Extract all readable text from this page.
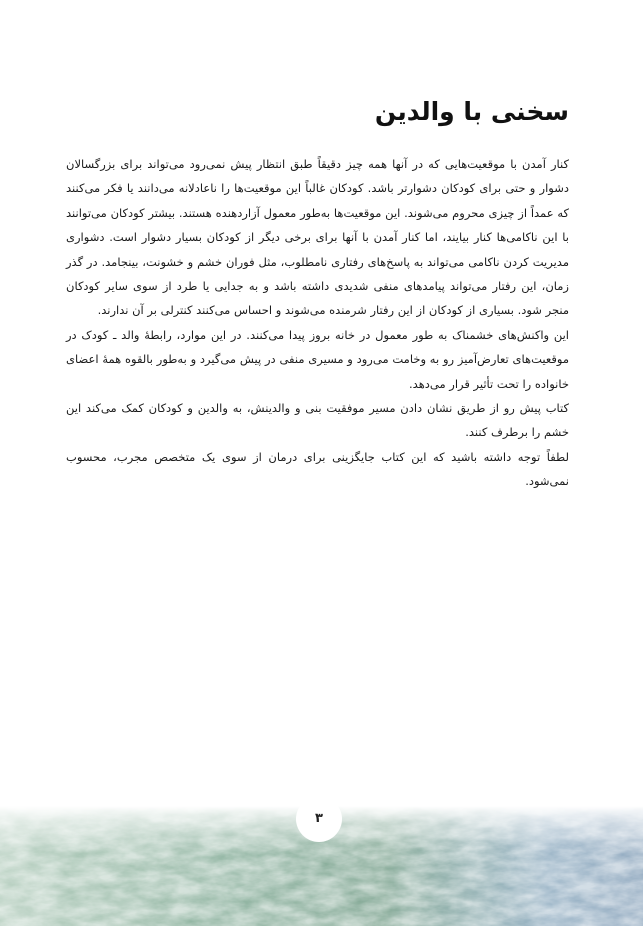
سخنی با والدین

کنار آمدن با موقعیت‌هایی که در آنها همه چیز دقیقاً طبق انتظار پیش نمی‌رود می‌تواند برای بزرگسالان دشوار و حتی برای کودکان دشوارتر باشد. کودکان غالباً این موقعیت‌ها را ناعادلانه می‌دانند یا فکر می‌کنند که عمداً از چیزی محروم می‌شوند. این موقعیت‌ها به‌طور معمول آزاردهنده هستند. بیشتر کودکان می‌توانند با این ناکامی‌ها کنار بیایند، اما کنار آمدن با آنها برای برخی دیگر از کودکان بسیار دشوار است. دشواری مدیریت کردن ناکامی می‌تواند به پاسخ‌های رفتاری نامطلوب، مثل فوران خشم و خشونت، بینجامد. در گذر زمان، این رفتار می‌تواند پیامدهای منفی شدیدی داشته باشد و به جدایی یا طرد از سوی سایر کودکان منجر شود. بسیاری از کودکان از این رفتار شرمنده می‌شوند و احساس می‌کنند کنترلی بر آن ندارند.

این واکنش‌های خشمناک به طور معمول در خانه بروز پیدا می‌کنند. در این موارد، رابطهٔ والد ـ کودک در موقعیت‌های تعارض‌آمیز رو به وخامت می‌رود و مسیری منفی در پیش می‌گیرد و به‌طور بالقوه همهٔ اعضای خانواده را تحت تأثیر قرار می‌دهد.

کتاب پیش رو از طریق نشان دادن مسیر موفقیت بنی و والدینش، به والدین و کودکان کمک می‌کند این خشم را برطرف کنند.

لطفاً توجه داشته باشید که این کتاب جایگزینی برای درمان از سوی یک متخصص مجرب، محسوب نمی‌شود.

۳
